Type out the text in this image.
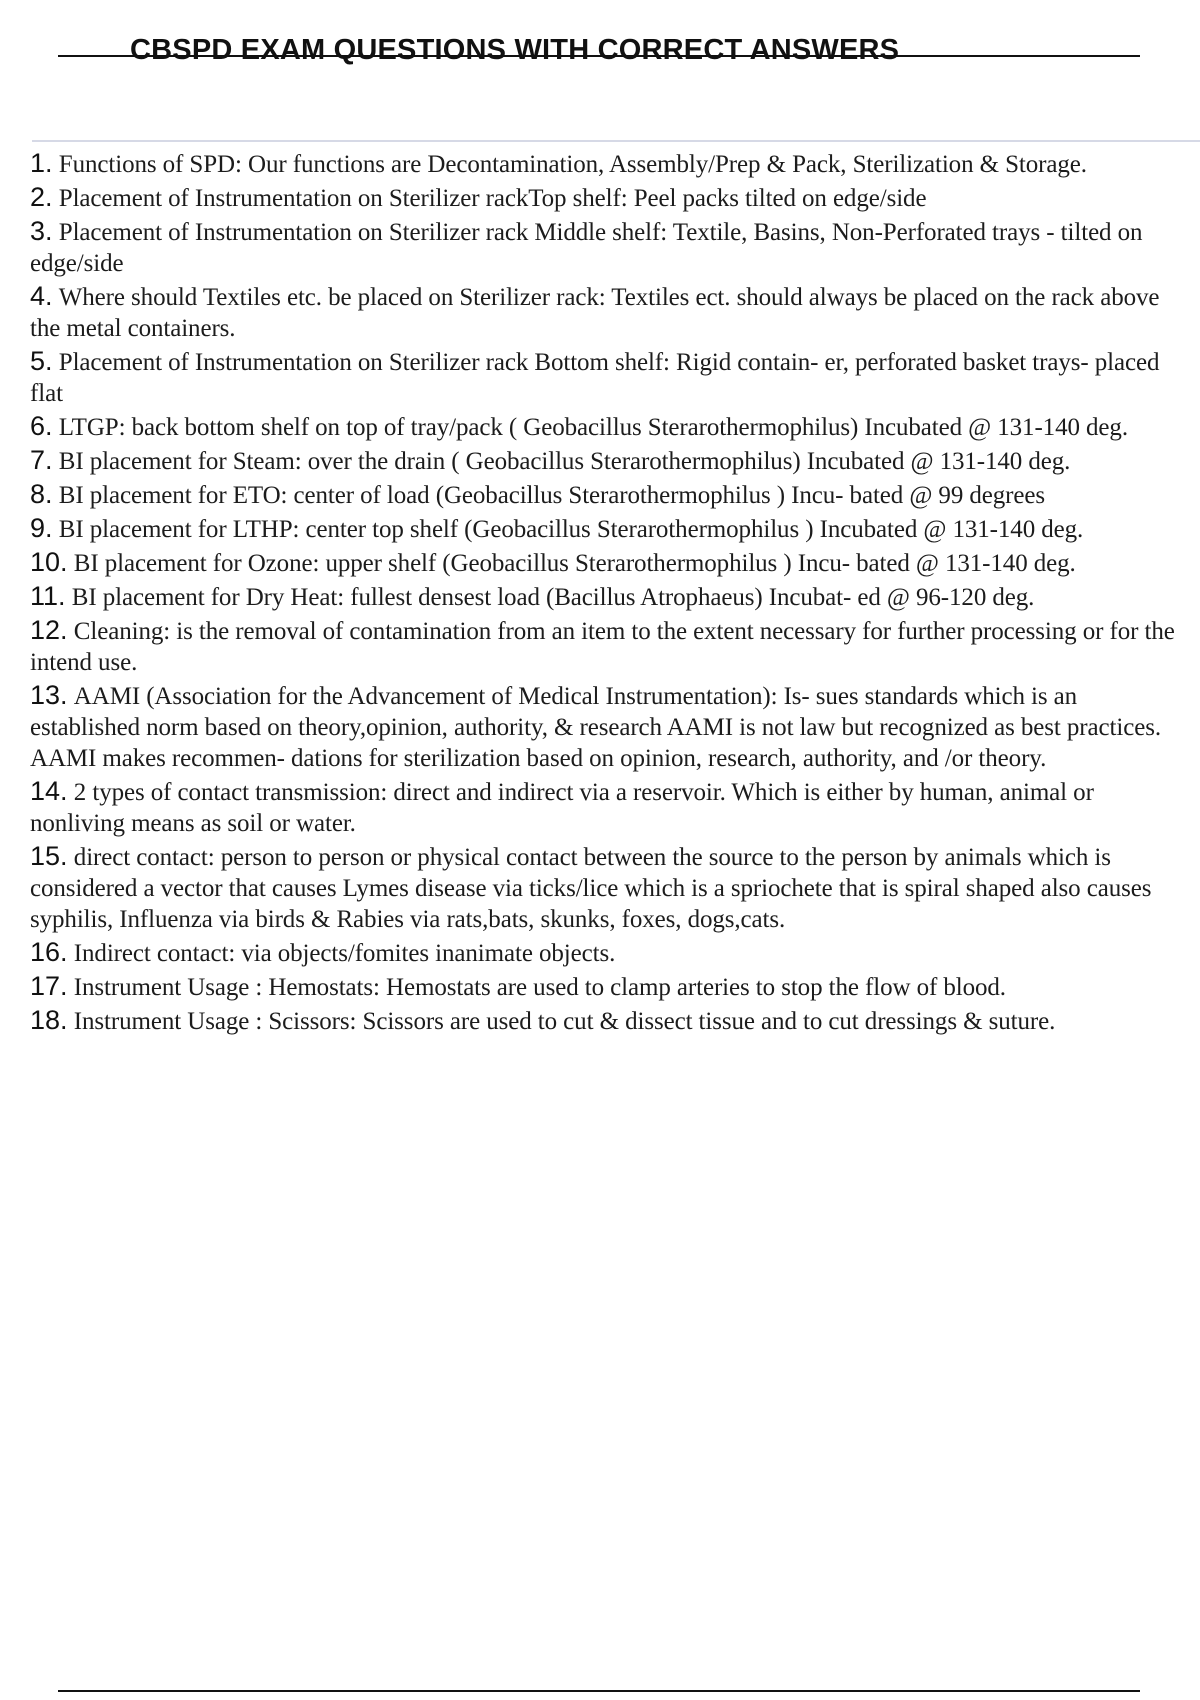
CBSPD EXAM QUESTIONS WITH CORRECT ANSWERS
1. Functions of SPD: Our functions are Decontamination, Assembly/Prep & Pack, Sterilization & Storage.
2. Placement of Instrumentation on Sterilizer rackTop shelf: Peel packs tilted on edge/side
3. Placement of Instrumentation on Sterilizer rack Middle shelf: Textile, Basins, Non-Perforated trays - tilted on edge/side
4. Where should Textiles etc. be placed on Sterilizer rack: Textiles ect. should always be placed on the rack above the metal containers.
5. Placement of Instrumentation on Sterilizer rack Bottom shelf: Rigid contain- er, perforated basket trays- placed flat
6. LTGP: back bottom shelf on top of tray/pack ( Geobacillus Sterarothermophilus) Incubated @ 131-140 deg.
7. BI placement for Steam: over the drain ( Geobacillus Sterarothermophilus) Incubated @ 131-140 deg.
8. BI placement for ETO: center of load (Geobacillus Sterarothermophilus ) Incu- bated @ 99 degrees
9. BI placement for LTHP: center top shelf (Geobacillus Sterarothermophilus ) Incubated @ 131-140 deg.
10. BI placement for Ozone: upper shelf (Geobacillus Sterarothermophilus ) Incu- bated @ 131-140 deg.
11. BI placement for Dry Heat: fullest densest load (Bacillus Atrophaeus) Incubat- ed @ 96-120 deg.
12. Cleaning: is the removal of contamination from an item to the extent necessary for further processing or for the intend use.
13. AAMI (Association for the Advancement of Medical Instrumentation): Is- sues standards which is an established norm based on theory,opinion, authority, & research AAMI is not law but recognized as best practices. AAMI makes recommen- dations for sterilization based on opinion, research, authority, and /or theory.
14. 2 types of contact transmission: direct and indirect via a reservoir. Which is either by human, animal or nonliving means as soil or water.
15. direct contact: person to person or physical contact between the source to the person by animals which is considered a vector that causes Lymes disease via ticks/lice which is a spriochete that is spiral shaped also causes syphilis, Influenza via birds & Rabies via rats,bats, skunks, foxes, dogs,cats.
16. Indirect contact: via objects/fomites inanimate objects.
17. Instrument Usage : Hemostats: Hemostats are used to clamp arteries to stop the flow of blood.
18. Instrument Usage : Scissors: Scissors are used to cut & dissect tissue and to cut dressings & suture.
